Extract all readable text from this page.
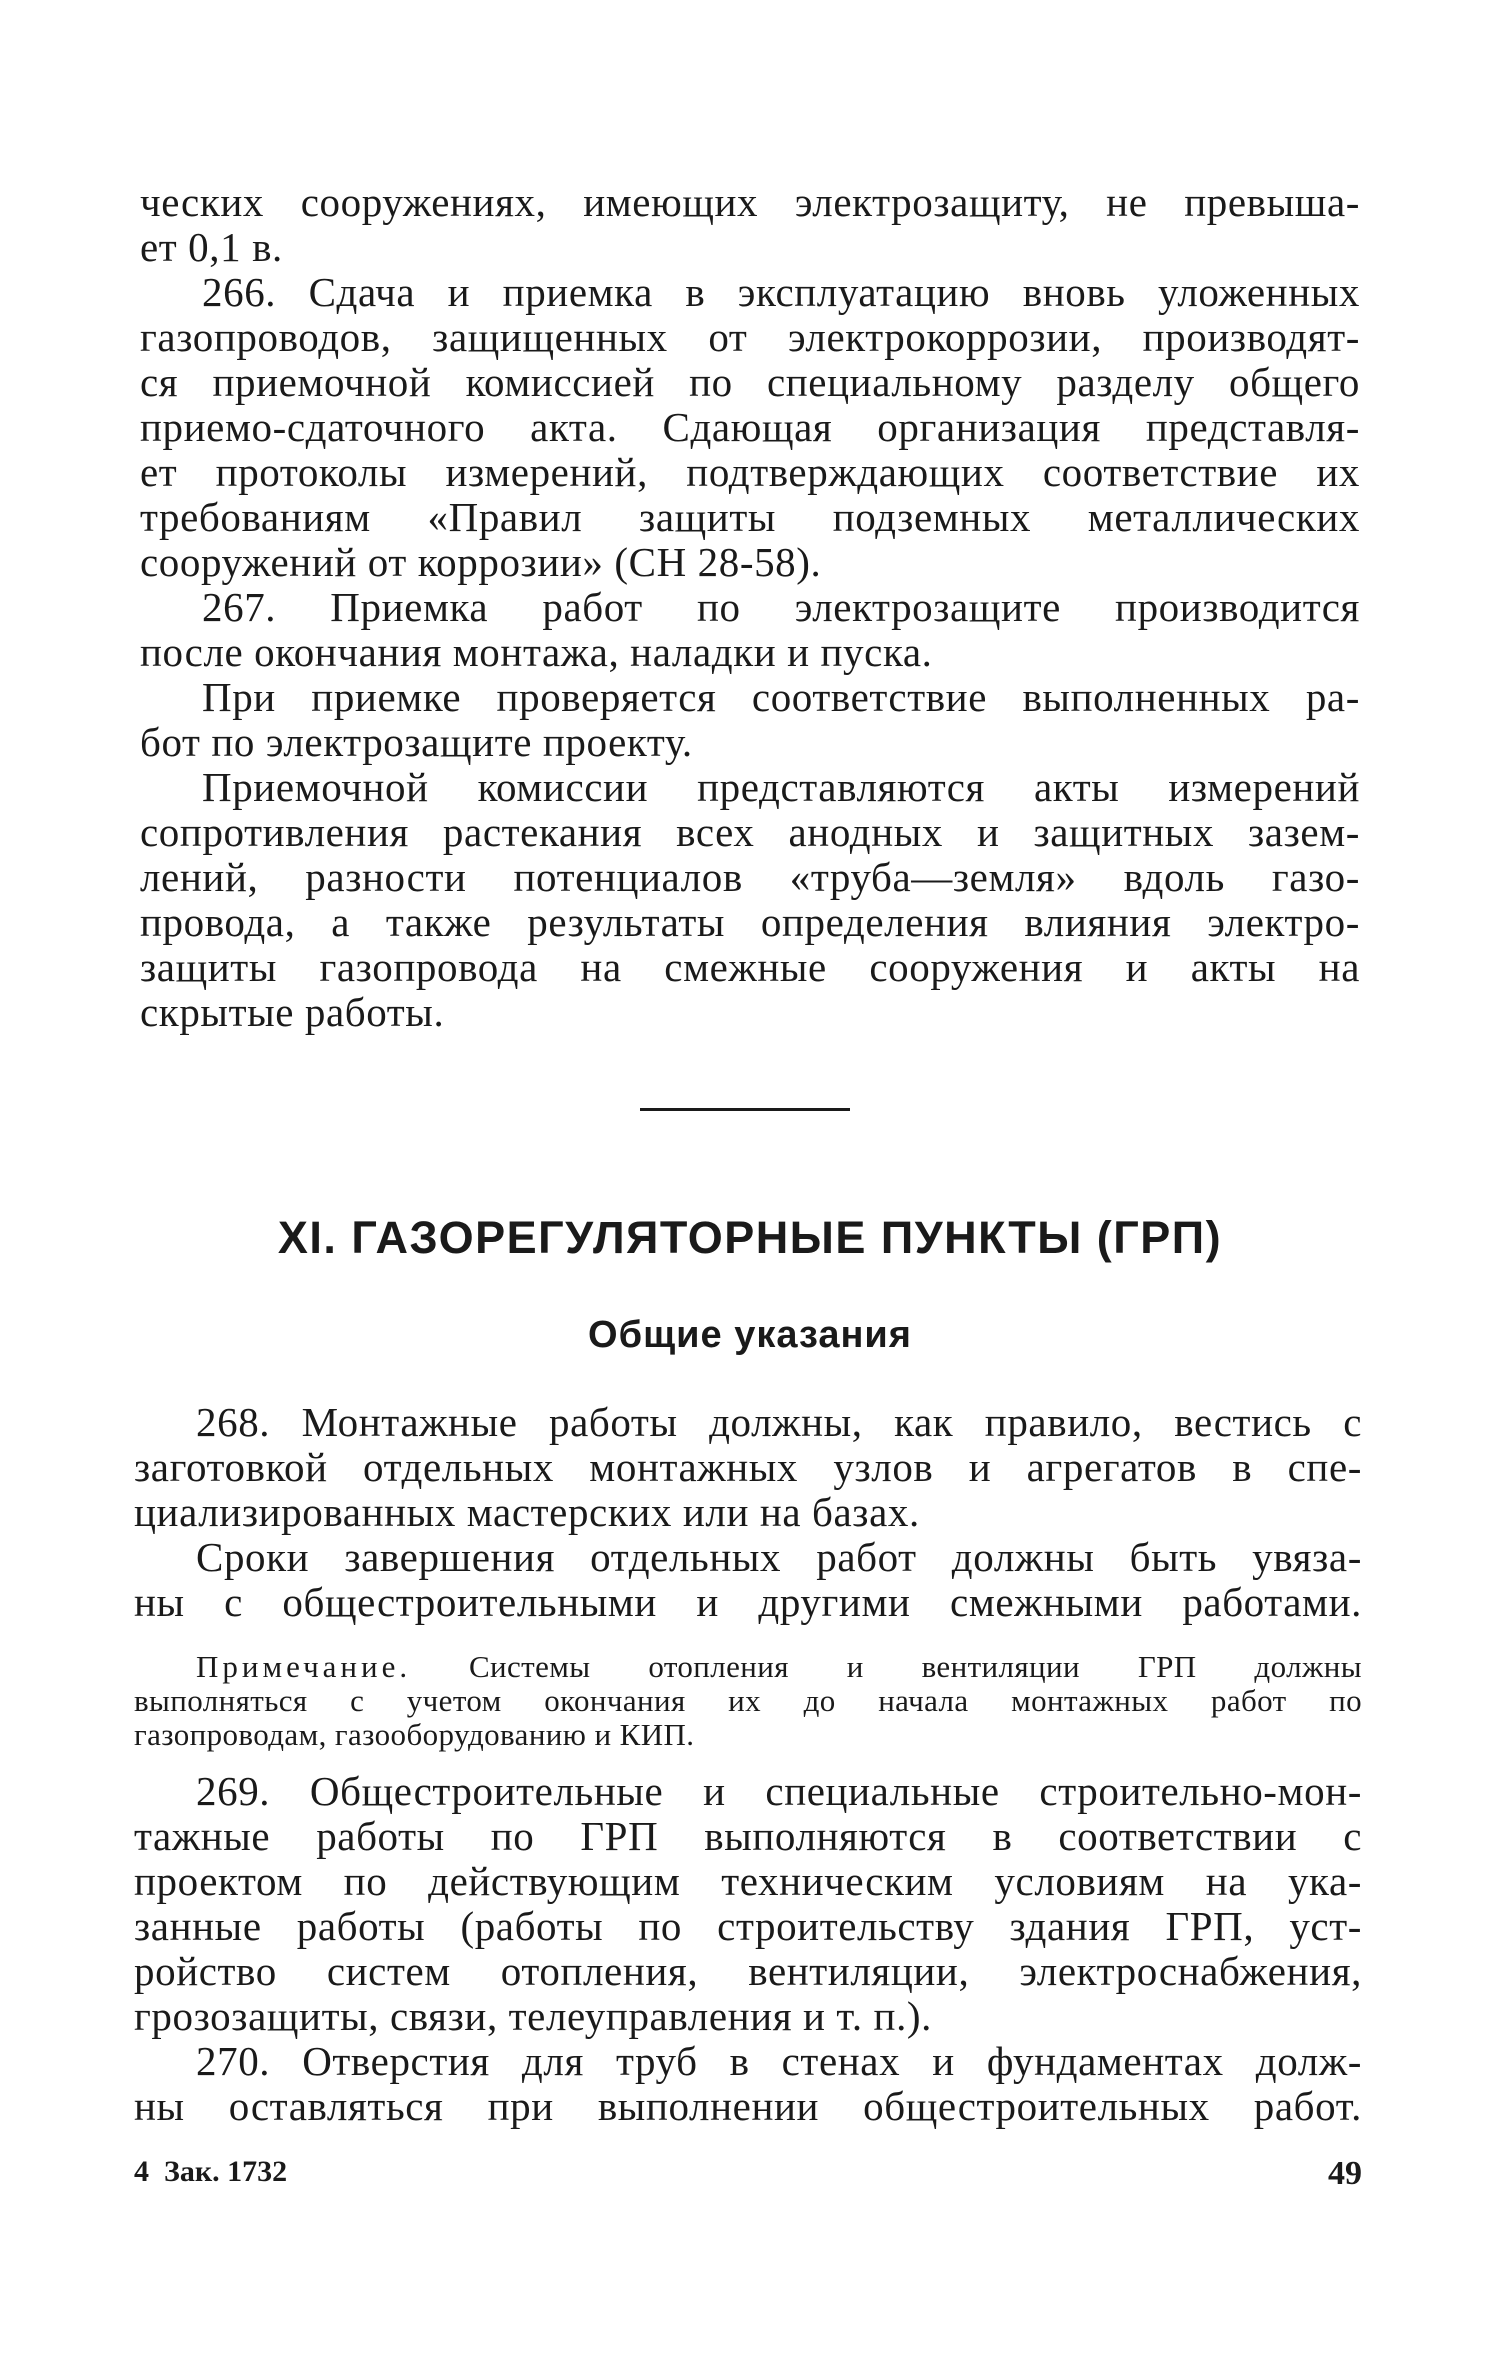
ческих сооружениях, имеющих электрозащиту, не превыша-
ет 0,1 в.
266. Сдача и приемка в эксплуатацию вновь уложенных
газопроводов, защищенных от электрокоррозии, производят-
ся приемочной комиссией по специальному разделу общего
приемо-сдаточного акта. Сдающая организация представля-
ет протоколы измерений, подтверждающих соответствие их
требованиям «Правил защиты подземных металлических
сооружений от коррозии» (СН 28-58).
267. Приемка работ по электрозащите производится
после окончания монтажа, наладки и пуска.
При приемке проверяется соответствие выполненных ра-
бот по электрозащите проекту.
Приемочной комиссии представляются акты измерений
сопротивления растекания всех анодных и защитных зазем-
лений, разности потенциалов «труба—земля» вдоль газо-
провода, а также результаты определения влияния электро-
защиты газопровода на смежные сооружения и акты на
скрытые работы.
XI. ГАЗОРЕГУЛЯТОРНЫЕ ПУНКТЫ (ГРП)
Общие указания
268. Монтажные работы должны, как правило, вестись с
заготовкой отдельных монтажных узлов и агрегатов в спе-
циализированных мастерских или на базах.
Сроки завершения отдельных работ должны быть увяза-
ны с общестроительными и другими смежными работами.
Примечание. Системы отопления и вентиляции ГРП должны
выполняться с учетом окончания их до начала монтажных работ по
газопроводам, газооборудованию и КИП.
269. Общестроительные и специальные строительно-мон-
тажные работы по ГРП выполняются в соответствии с
проектом по действующим техническим условиям на ука-
занные работы (работы по строительству здания ГРП, уст-
ройство систем отопления, вентиляции, электроснабжения,
грозозащиты, связи, телеуправления и т. п.).
270. Отверстия для труб в стенах и фундаментах долж-
ны оставляться при выполнении общестроительных работ.
4  Зак. 1732	49
